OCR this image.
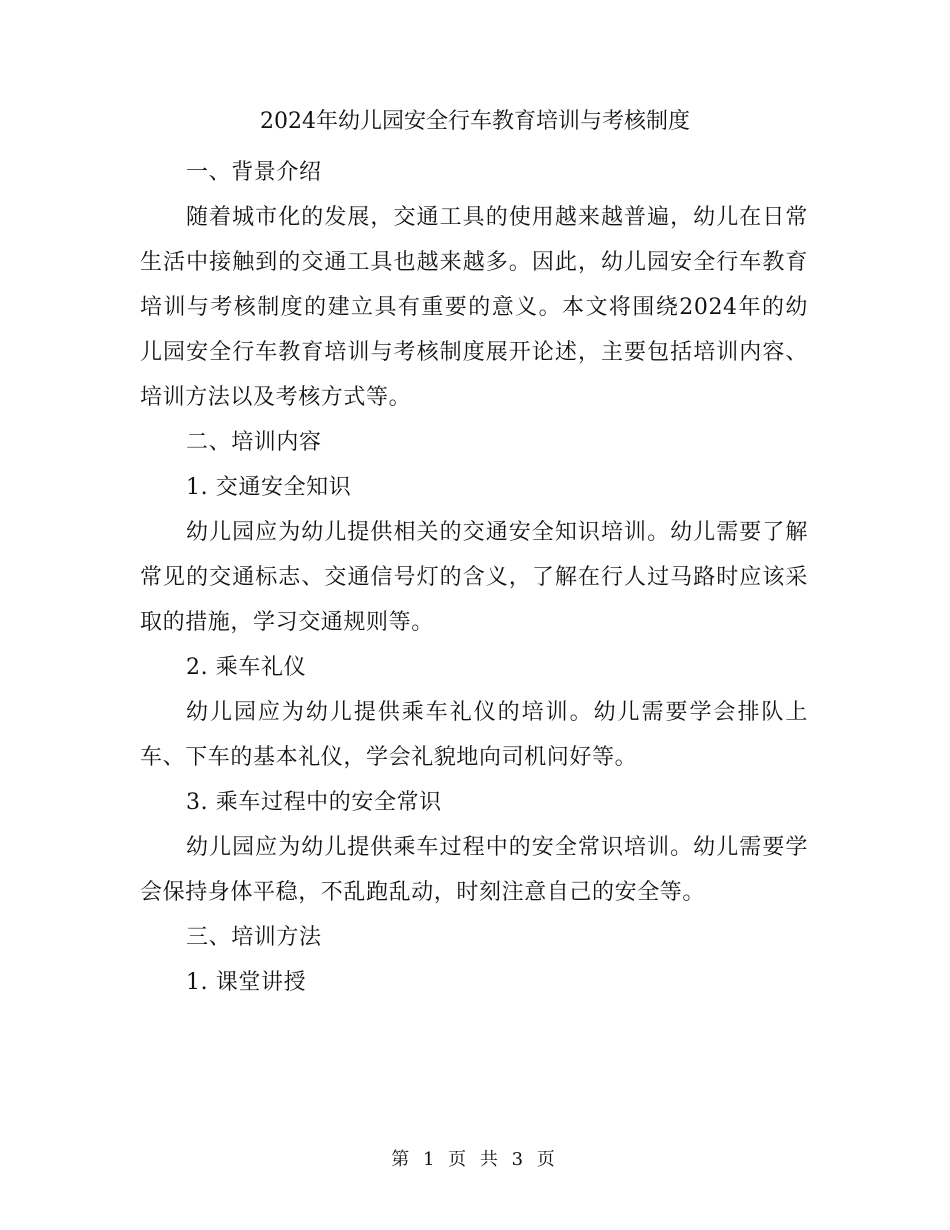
2024年幼儿园安全行车教育培训与考核制度

一、背景介绍

随着城市化的发展，交通工具的使用越来越普遍，幼儿在日常生活中接触到的交通工具也越来越多。因此，幼儿园安全行车教育培训与考核制度的建立具有重要的意义。本文将围绕2024年的幼儿园安全行车教育培训与考核制度展开论述，主要包括培训内容、培训方法以及考核方式等。

二、培训内容

1. 交通安全知识

幼儿园应为幼儿提供相关的交通安全知识培训。幼儿需要了解常见的交通标志、交通信号灯的含义，了解在行人过马路时应该采取的措施，学习交通规则等。

2. 乘车礼仪

幼儿园应为幼儿提供乘车礼仪的培训。幼儿需要学会排队上车、下车的基本礼仪，学会礼貌地向司机问好等。

3. 乘车过程中的安全常识

幼儿园应为幼儿提供乘车过程中的安全常识培训。幼儿需要学会保持身体平稳，不乱跑乱动，时刻注意自己的安全等。

三、培训方法

1. 课堂讲授

第 1 页 共 3 页
